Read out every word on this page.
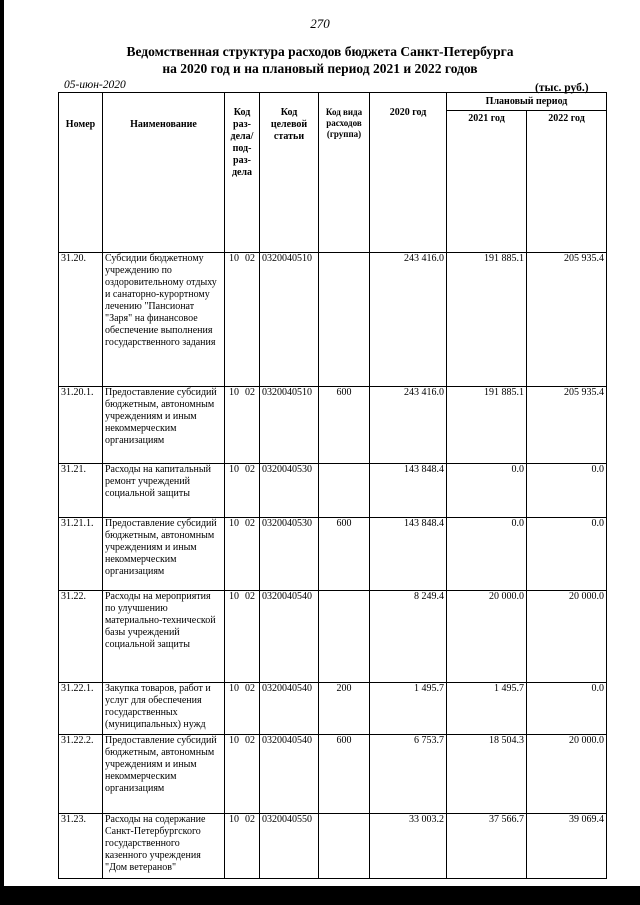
270
Ведомственная структура расходов бюджета Санкт-Петербурга
на 2020 год и на плановый период 2021 и 2022 годов
05-июн-2020	(тыс. руб.)
Номер	Наименование	Код раз- дела/ под- раз- дела	Код целевой статьи	Код вида расходов (группа)	2020 год	Плановый период	
						2021 год	2022 год
31.20.	Субсидии бюджетному учреждению по оздоровительному отдыху и санаторно-курортному лечению "Пансионат "Заря" на финансовое обеспечение выполнения государственного задания	10 02	0320040510		243 416.0	191 885.1	205 935.4
31.20.1.	Предоставление субсидий бюджетным, автономным учреждениям и иным некоммерческим организациям	10 02	0320040510	600	243 416.0	191 885.1	205 935.4
31.21.	Расходы на капитальный ремонт учреждений социальной защиты	10 02	0320040530		143 848.4	0.0	0.0
31.21.1.	Предоставление субсидий бюджетным, автономным учреждениям и иным некоммерческим организациям	10 02	0320040530	600	143 848.4	0.0	0.0
31.22.	Расходы на мероприятия по улучшению материально-технической базы учреждений социальной защиты	10 02	0320040540		8 249.4	20 000.0	20 000.0
31.22.1.	Закупка товаров, работ и услуг для обеспечения государственных (муниципальных) нужд	10 02	0320040540	200	1 495.7	1 495.7	0.0
31.22.2.	Предоставление субсидий бюджетным, автономным учреждениям и иным некоммерческим организациям	10 02	0320040540	600	6 753.7	18 504.3	20 000.0
31.23.	Расходы на содержание Санкт-Петербургского государственного казенного учреждения "Дом ветеранов"	10 02	0320040550		33 003.2	37 566.7	39 069.4
